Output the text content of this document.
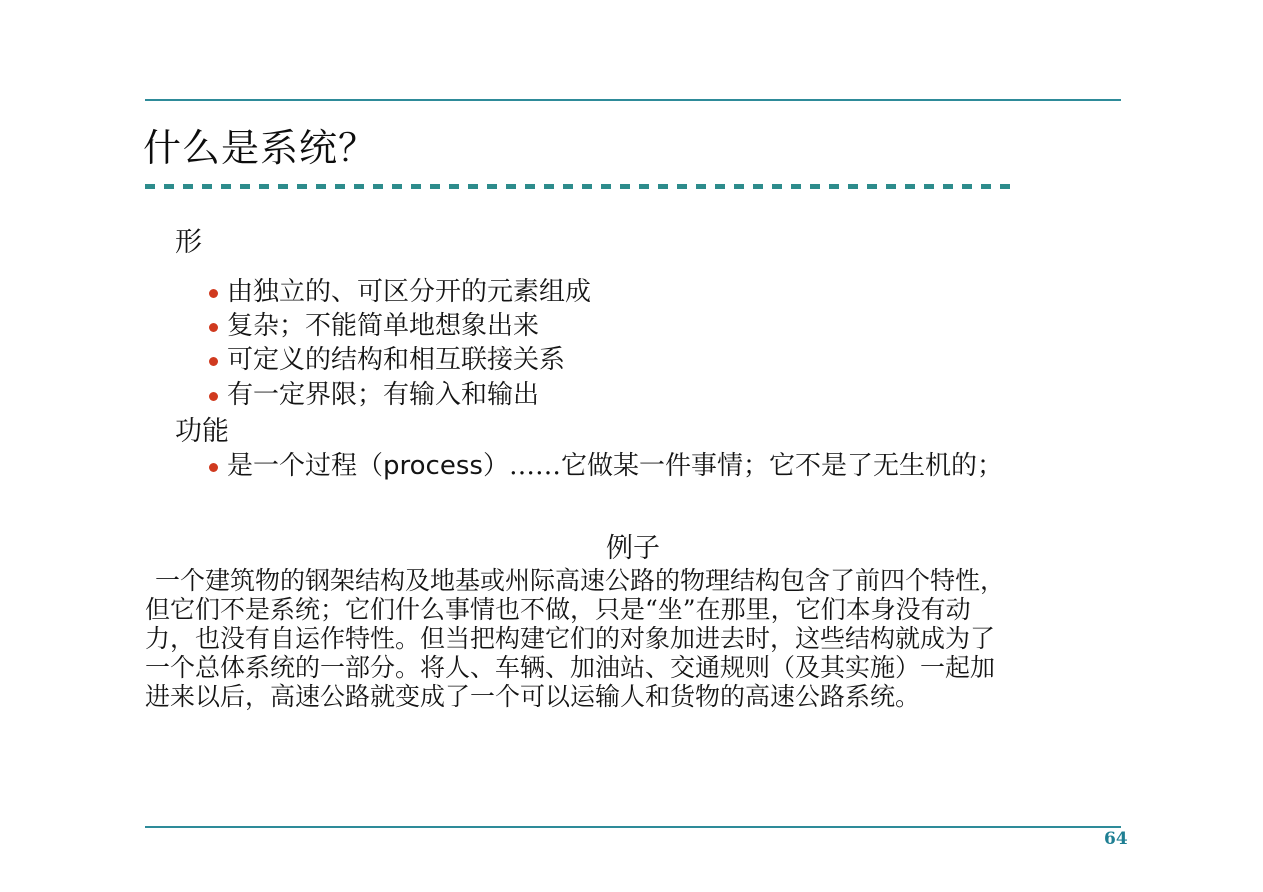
什么是系统？
形
由独立的、可区分开的元素组成
复杂；不能简单地想象出来
可定义的结构和相互联接关系
有一定界限；有输入和输出
功能
是一个过程（process）……它做某一件事情；它不是了无生机的；
例子
一个建筑物的钢架结构及地基或州际高速公路的物理结构包含了前四个特性，
但它们不是系统；它们什么事情也不做，只是“坐”在那里，它们本身没有动
力，也没有自运作特性。但当把构建它们的对象加进去时，这些结构就成为了
一个总体系统的一部分。将人、车辆、加油站、交通规则（及其实施）一起加
进来以后，高速公路就变成了一个可以运输人和货物的高速公路系统。
64
